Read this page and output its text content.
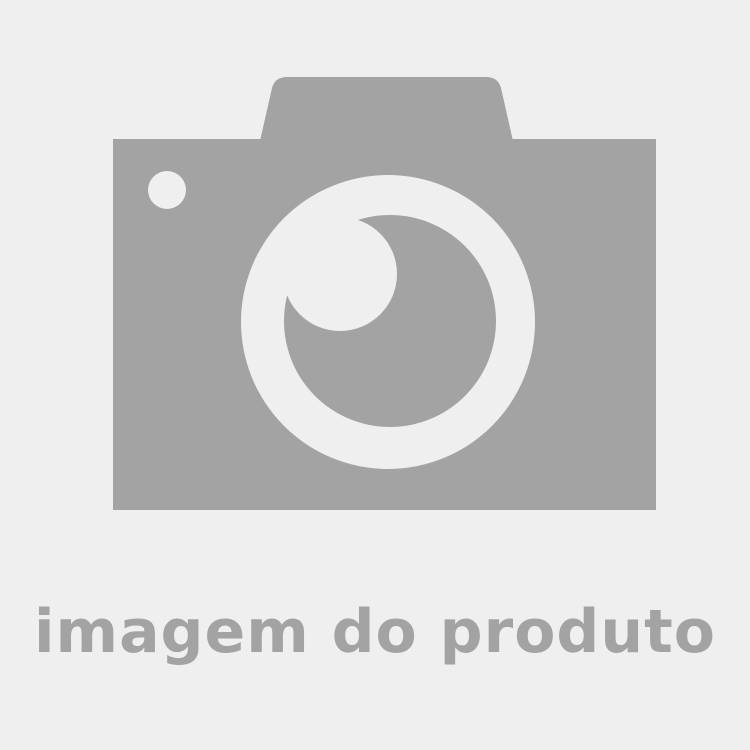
imagem do produto
